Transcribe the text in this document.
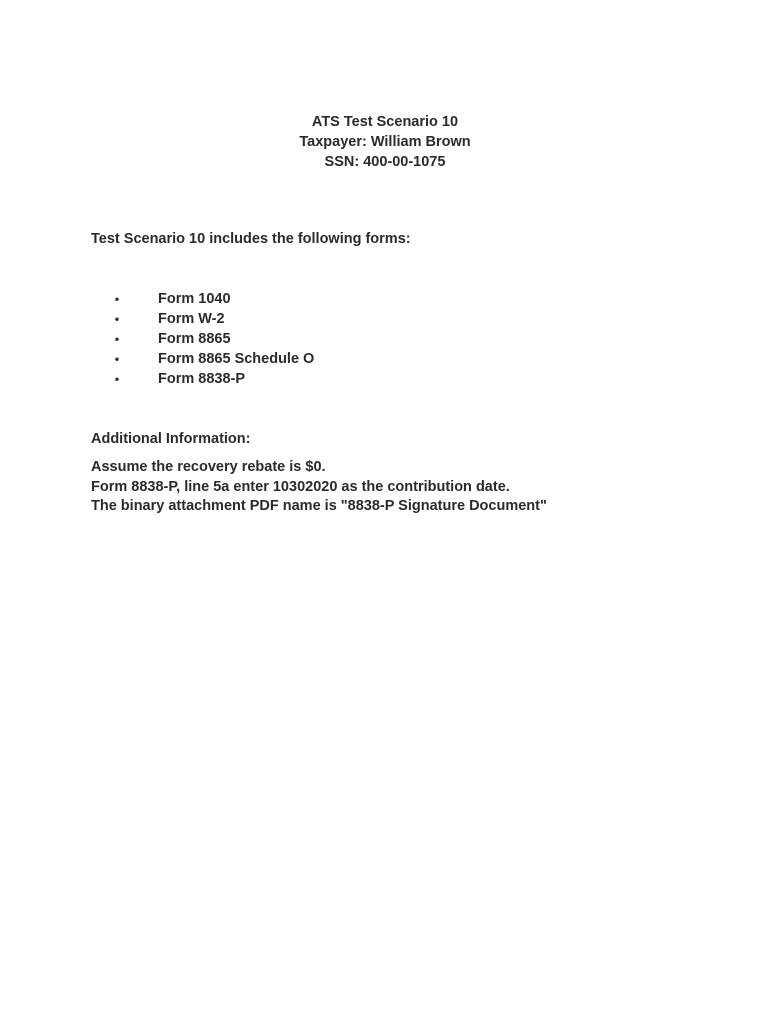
ATS Test Scenario 10
Taxpayer: William Brown
SSN: 400-00-1075

Test Scenario 10 includes the following forms:

•	Form 1040
•	Form W-2
•	Form 8865
•	Form 8865 Schedule O
•	Form 8838-P

Additional Information:

Assume the recovery rebate is $0.
Form 8838-P, line 5a enter 10302020 as the contribution date.
The binary attachment PDF name is "8838-P Signature Document"
